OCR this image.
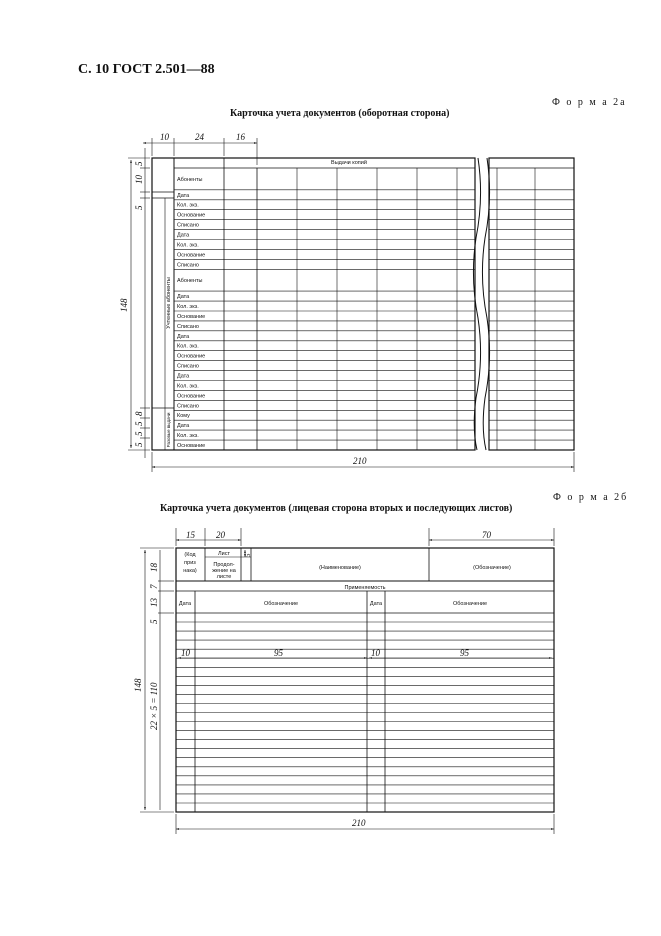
С. 10 ГОСТ 2.501—88
Ф о р м а 2а
Карточка учета документов (оборотная сторона)
Ф о р м а 2б
Карточка учета документов (лицевая сторона вторых и последующих листов)
Абоненты
Дата
Кол. экз.
Основание
Списано
Дата
Кол. экз.
Основание
Списано
Абоненты
Дата
Кол. экз.
Основание
Списано
Дата
Кол. экз.
Основание
Списано
Дата
Кол. экз.
Основание
Списано
Кому
Дата
Кол. экз.
Основание
Выдачи копий
Учтенные абоненты
Разовые выдачи
10	24	16
5
10
5
148
8
5
5
5
210
(Код
приз
нака)
Лист
Продол-
жение на
листе
(Наименование)	(Обозначение)
Применяемость
Дата	Обозначение	Дата	Обозначение
15 20	70
5
18
7
13
5
148 22 × 5 = 110
10	95	10	95
210
